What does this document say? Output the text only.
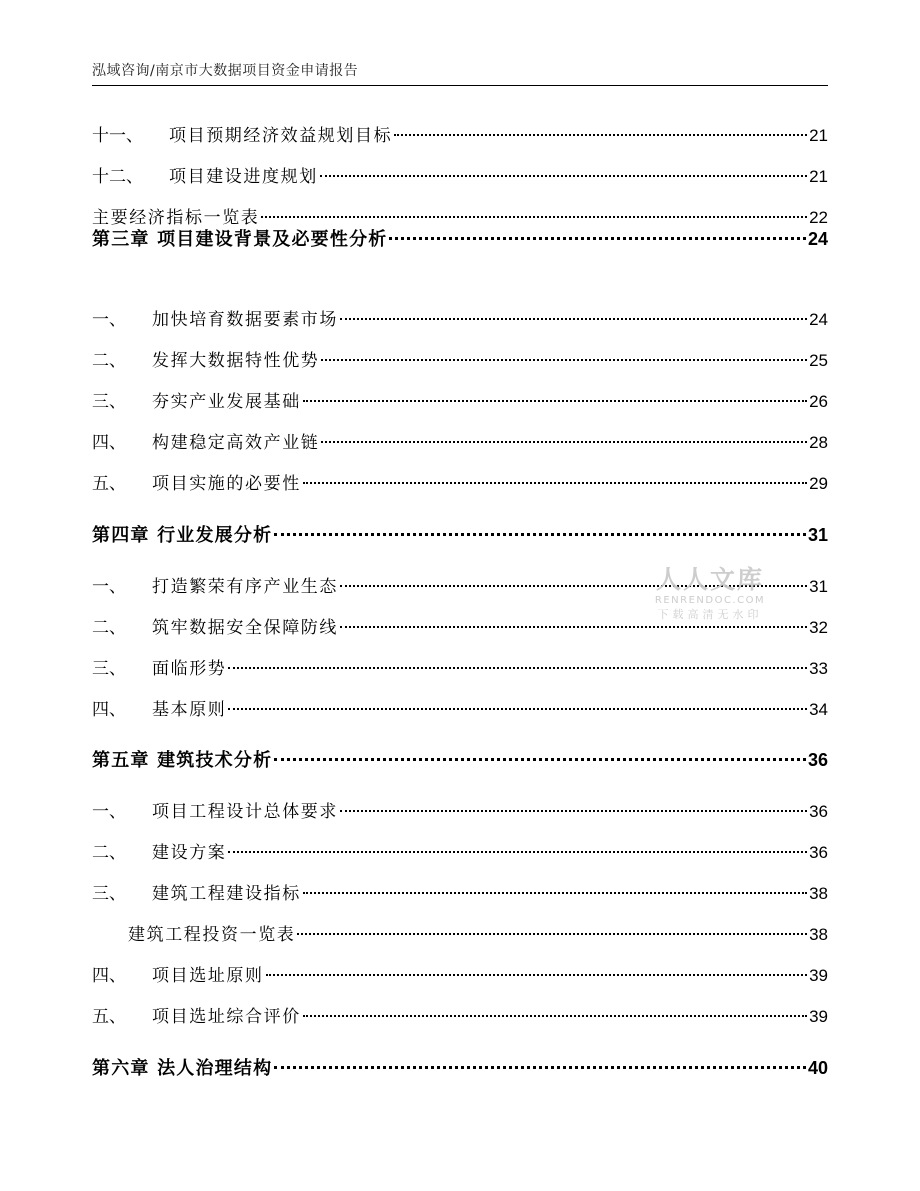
泓域咨询/南京市大数据项目资金申请报告
十一、 项目预期经济效益规划目标	21
十二、 项目建设进度规划	21
主要经济指标一览表	22
第三章 项目建设背景及必要性分析	24
一、 加快培育数据要素市场	24
二、 发挥大数据特性优势	25
三、 夯实产业发展基础	26
四、 构建稳定高效产业链	28
五、 项目实施的必要性	29
第四章 行业发展分析	31
一、 打造繁荣有序产业生态	31
二、 筑牢数据安全保障防线	32
三、 面临形势	33
四、 基本原则	34
第五章 建筑技术分析	36
一、 项目工程设计总体要求	36
二、 建设方案	36
三、 建筑工程建设指标	38
建筑工程投资一览表	38
四、 项目选址原则	39
五、 项目选址综合评价	39
第六章 法人治理结构	40
人人文库
RENRENDOC.COM
下载高清无水印
